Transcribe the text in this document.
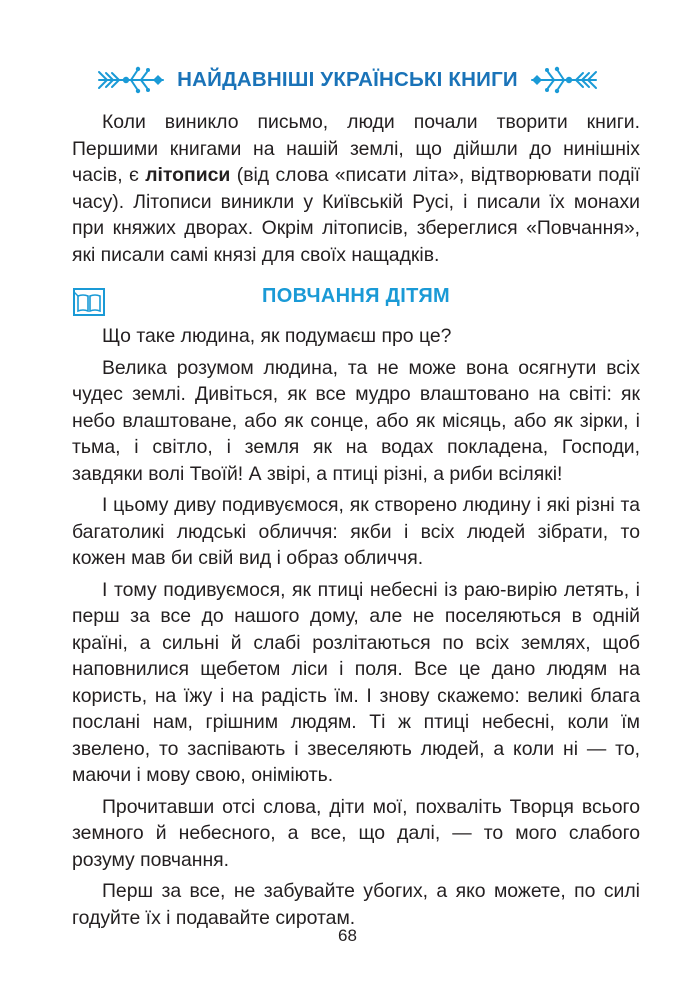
НАЙДАВНІШІ УКРАЇНСЬКІ КНИГИ

Коли виникло письмо, люди почали творити книги. Першими книгами на нашій землі, що дійшли до нинішніх часів, є літописи (від слова «писати літа», відтворювати події часу). Літописи виникли у Київській Русі, і писали їх монахи при княжих дворах. Окрім літописів, збереглися «Повчання», які писали самі князі для своїх нащадків.

ПОВЧАННЯ ДІТЯМ

Що таке людина, як подумаєш про це?

Велика розумом людина, та не може вона осягнути всіх чудес землі. Дивіться, як все мудро влаштовано на світі: як небо влаштоване, або як сонце, або як місяць, або як зірки, і тьма, і світло, і земля як на водах покладена, Господи, завдяки волі Твоїй! А звірі, а птиці різні, а риби всілякі!

І цьому диву подивуємося, як створено людину і які різні та багатоликі людські обличчя: якби і всіх людей зібрати, то кожен мав би свій вид і образ обличчя.

І тому подивуємося, як птиці небесні із раю-вирію летять, і перш за все до нашого дому, але не поселяються в одній країні, а сильні й слабі розлітаються по всіх землях, щоб наповнилися щебетом ліси і поля. Все це дано людям на користь, на їжу і на радість їм. І знову скажемо: великі блага послані нам, грішним людям. Ті ж птиці небесні, коли їм звелено, то заспівають і звеселяють людей, а коли ні — то, маючи і мову свою, оніміють.

Прочитавши отсі слова, діти мої, похваліть Творця всього земного й небесного, а все, що далі, — то мого слабого розуму повчання.

Перш за все, не забувайте убогих, а яко можете, по силі годуйте їх і подавайте сиротам.

68
